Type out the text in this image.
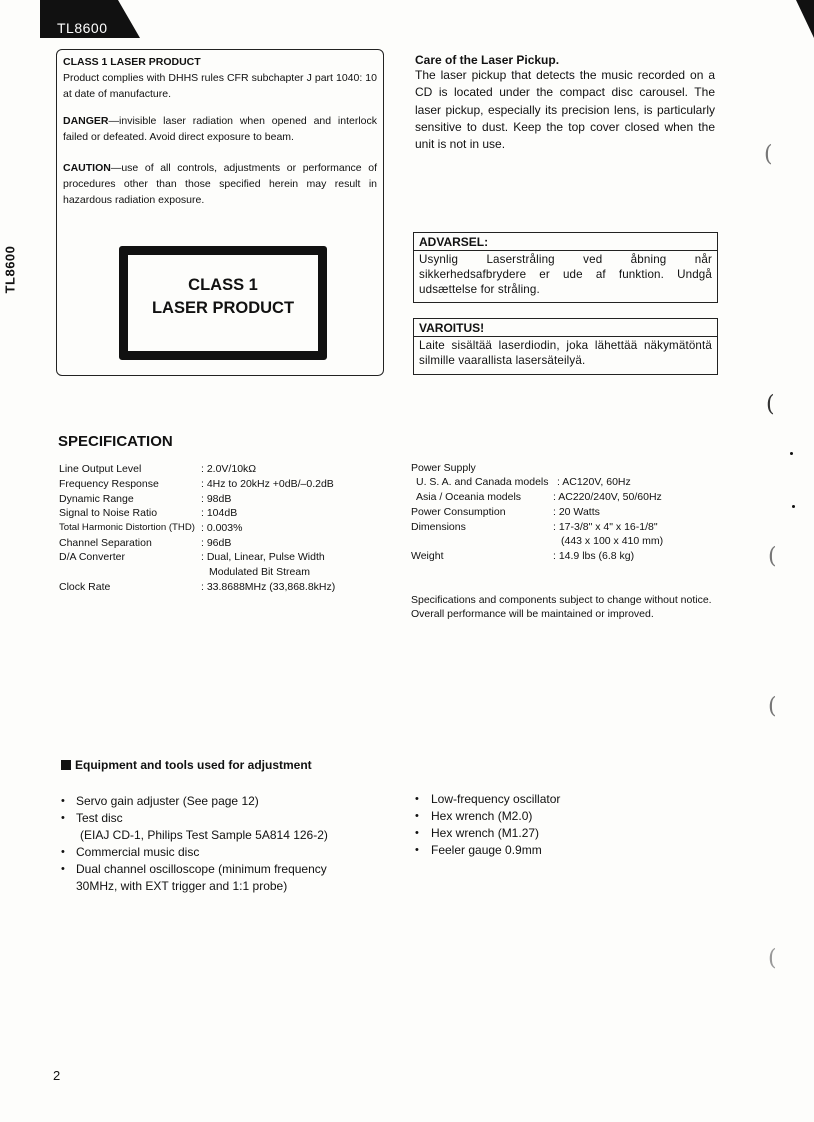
TL8600
TL8600
CLASS 1 LASER PRODUCT
Product complies with DHHS rules CFR subchapter J part 1040: 10 at date of manufacture.
DANGER—invisible laser radiation when opened and interlock failed or defeated. Avoid direct exposure to beam.
CAUTION—use of all controls, adjustments or performance of procedures other than those specified herein may result in hazardous radiation exposure.
CLASS 1
LASER PRODUCT
Care of the Laser Pickup.
The laser pickup that detects the music recorded on a CD is located under the compact disc carousel. The laser pickup, especially its precision lens, is particularly sensitive to dust. Keep the top cover closed when the unit is not in use.
ADVARSEL:
Usynlig Laserstråling ved åbning når sikkerhedsafbrydere er ude af funktion. Undgå udsættelse for stråling.
VAROITUS!
Laite sisältää laserdiodin, joka lähettää näkymätöntä silmille vaarallista lasersäteilyä.
SPECIFICATION
Line Output Level	: 2.0V/10kΩ
Frequency Response	: 4Hz to 20kHz +0dB/–0.2dB
Dynamic Range	: 98dB
Signal to Noise Ratio	: 104dB
Total Harmonic Distortion (THD) : 0.003%
Channel Separation	: 96dB
D/A Converter	: Dual, Linear, Pulse Width
Modulated Bit Stream
Clock Rate	: 33.8688MHz (33,868.8kHz)
Power Supply
U. S. A. and Canada models : AC120V, 60Hz
Asia / Oceania models	: AC220/240V, 50/60Hz
Power Consumption	: 20 Watts
Dimensions	: 17-3/8" x 4" x 16-1/8"
(443 x 100 x 410 mm)
Weight	: 14.9 lbs (6.8 kg)
Specifications and components subject to change without notice.
Overall performance will be maintained or improved.
Equipment and tools used for adjustment
• Servo gain adjuster (See page 12)
• Test disc
(EIAJ CD-1, Philips Test Sample 5A814 126-2)
• Commercial music disc
• Dual channel oscilloscope (minimum frequency
30MHz, with EXT trigger and 1:1 probe)
• Low-frequency oscillator
• Hex wrench (M2.0)
• Hex wrench (M1.27)
• Feeler gauge 0.9mm
2
(
(
(
(
(
